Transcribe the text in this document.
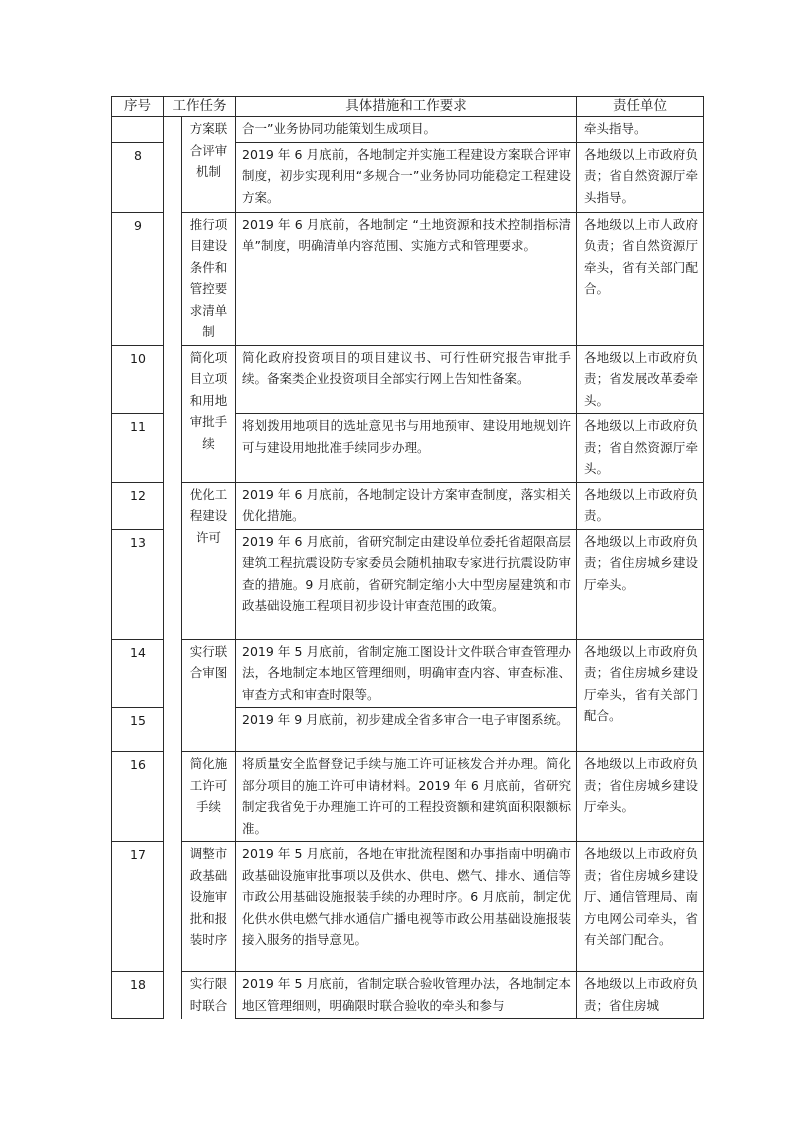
序号	工作任务		具体措施和工作要求	责任单位
		方案联合评审机制	合一”业务协同功能策划生成项目。	牵头指导。
8			2019 年 6 月底前，各地制定并实施工程建设方案联合评审制度，初步实现利用“多规合一”业务协同功能稳定工程建设方案。	各地级以上市政府负责；省自然资源厅牵头指导。
9		推行项目建设条件和管控要求清单制	2019 年 6 月底前，各地制定 “土地资源和技术控制指标清单”制度，明确清单内容范围、实施方式和管理要求。	各地级以上市人政府负责；省自然资源厅牵头，省有关部门配合。
10		简化项目立项和用地审批手续	简化政府投资项目的项目建议书、可行性研究报告审批手续。备案类企业投资项目全部实行网上告知性备案。	各地级以上市政府负责；省发展改革委牵头。
11			将划拨用地项目的选址意见书与用地预审、建设用地规划许可与建设用地批准手续同步办理。	各地级以上市政府负责；省自然资源厅牵头。
12		优化工程建设许可	2019 年 6 月底前，各地制定设计方案审查制度，落实相关优化措施。	各地级以上市政府负责。
13			2019 年 6 月底前，省研究制定由建设单位委托省超限高层建筑工程抗震设防专家委员会随机抽取专家进行抗震设防审查的措施。9 月底前，省研究制定缩小大中型房屋建筑和市政基础设施工程项目初步设计审查范围的政策。	各地级以上市政府负责；省住房城乡建设厅牵头。
14		实行联合审图	2019 年 5 月底前，省制定施工图设计文件联合审查管理办法，各地制定本地区管理细则，明确审查内容、审查标准、审查方式和审查时限等。	各地级以上市政府负责；省住房城乡建设厅牵头，省有关部门配合。
15			2019 年 9 月底前，初步建成全省多审合一电子审图系统。	
16		简化施工许可手续	将质量安全监督登记手续与施工许可证核发合并办理。简化部分项目的施工许可申请材料。2019 年 6 月底前，省研究制定我省免于办理施工许可的工程投资额和建筑面积限额标准。	各地级以上市政府负责；省住房城乡建设厅牵头。
17		调整市政基础设施审批和报装时序	2019 年 5 月底前，各地在审批流程图和办事指南中明确市政基础设施审批事项以及供水、供电、燃气、排水、通信等市政公用基础设施报装手续的办理时序。6 月底前，制定优化供水供电燃气排水通信广播电视等市政公用基础设施报装接入服务的指导意见。	各地级以上市政府负责；省住房城乡建设厅、通信管理局、南方电网公司牵头，省有关部门配合。
18		实行限时联合	2019 年 5 月底前，省制定联合验收管理办法，各地制定本地区管理细则，明确限时联合验收的牵头和参与	各地级以上市政府负责；省住房城
